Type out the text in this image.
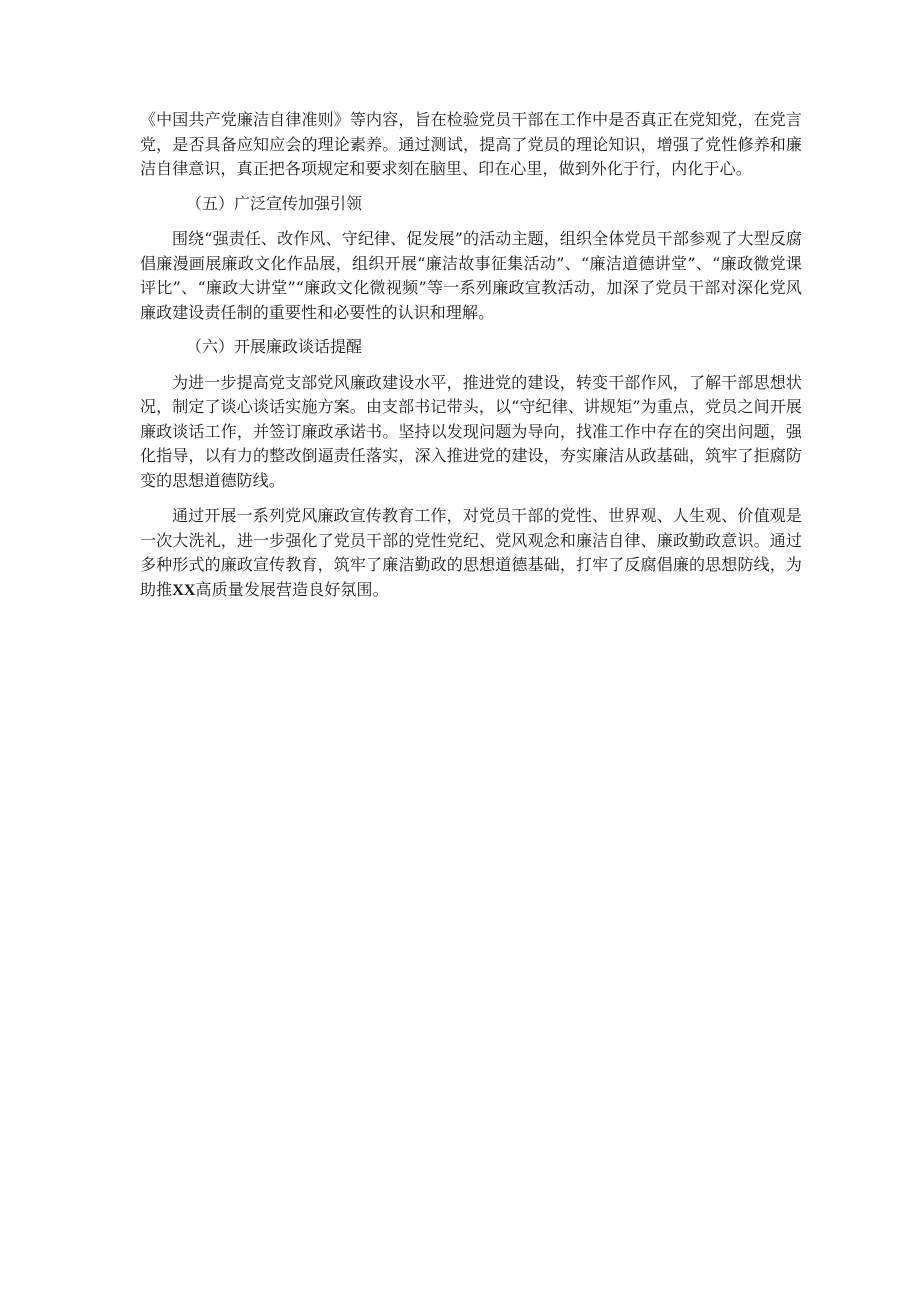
《中国共产党廉洁自律准则》等内容，旨在检验党员干部在工作中是否真正在党知党，在党言党，是否具备应知应会的理论素养。通过测试，提高了党员的理论知识，增强了党性修养和廉洁自律意识，真正把各项规定和要求刻在脑里、印在心里，做到外化于行，内化于心。

（五）广泛宣传加强引领

围绕“强责任、改作风、守纪律、促发展”的活动主题，组织全体党员干部参观了大型反腐倡廉漫画展廉政文化作品展，组织开展“廉洁故事征集活动”、“廉洁道德讲堂”、“廉政微党课评比”、“廉政大讲堂”“廉政文化微视频”等一系列廉政宣教活动，加深了党员干部对深化党风廉政建设责任制的重要性和必要性的认识和理解。

（六）开展廉政谈话提醒

为进一步提高党支部党风廉政建设水平，推进党的建设，转变干部作风，了解干部思想状况，制定了谈心谈话实施方案。由支部书记带头，以“守纪律、讲规矩”为重点，党员之间开展廉政谈话工作，并签订廉政承诺书。坚持以发现问题为导向，找准工作中存在的突出问题，强化指导，以有力的整改倒逼责任落实，深入推进党的建设，夯实廉洁从政基础，筑牢了拒腐防变的思想道德防线。

通过开展一系列党风廉政宣传教育工作，对党员干部的党性、世界观、人生观、价值观是一次大洗礼，进一步强化了党员干部的党性党纪、党风观念和廉洁自律、廉政勤政意识。通过多种形式的廉政宣传教育，筑牢了廉洁勤政的思想道德基础，打牢了反腐倡廉的思想防线，为助推XX高质量发展营造良好氛围。
